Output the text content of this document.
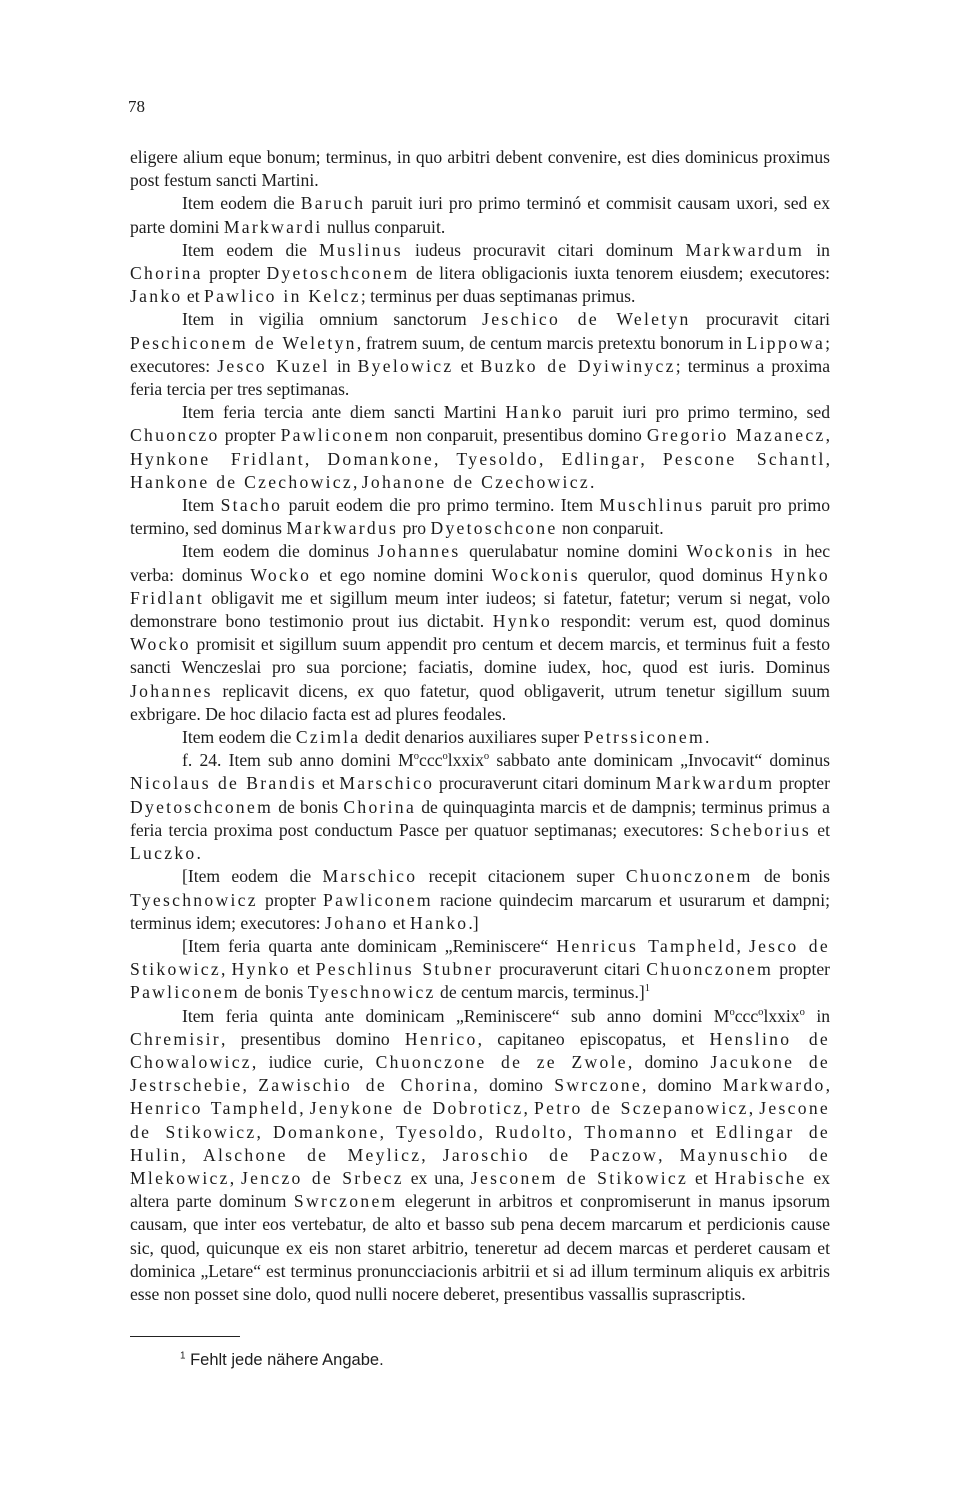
78

eligere alium eque bonum; terminus, in quo arbitri debent convenire, est dies dominicus proximus post festum sancti Martini.

Item eodem die Baruch paruit iuri pro primo terminó et commisit causam uxori, sed ex parte domini Markwardi nullus conparuit.

Item eodem die Muslinus iudeus procuravit citari dominum Markwardum in Chorina propter Dyetoschconem de litera obligacionis iuxta tenorem eiusdem; executores: Janko et Pawlico in Kelcz; terminus per duas septimanas primus.

Item in vigilia omnium sanctorum Jeschico de Weletyn procuravit citari Peschiconem de Weletyn, fratrem suum, de centum marcis pretextu bonorum in Lippowa; executores: Jesco Kuzel in Byelowicz et Buzko de Dyiwinycz; terminus a proxima feria tercia per tres septimanas.

Item feria tercia ante diem sancti Martini Hanko paruit iuri pro primo termino, sed Chuonczo propter Pawliconem non conparuit, presentibus domino Gregorio Mazanecz, Hynkone Fridlant, Domankone, Tyesoldo, Edlingar, Pescone Schantl, Hankone de Czechowicz, Johanone de Czechowicz.

Item Stacho paruit eodem die pro primo termino. Item Muschlinus paruit pro primo termino, sed dominus Markwardus pro Dyetoschcone non conparuit.

Item eodem die dominus Johannes querulabatur nomine domini Wockonis in hec verba: dominus Wocko et ego nomine domini Wockonis querulor, quod dominus Hynko Fridlant obligavit me et sigillum meum inter iudeos; si fatetur, fatetur; verum si negat, volo demonstrare bono testimonio prout ius dictabit. Hynko respondit: verum est, quod dominus Wocko promisit et sigillum suum appendit pro centum et decem marcis, et terminus fuit a festo sancti Wenczeslai pro sua porcione; faciatis, domine iudex, hoc, quod est iuris. Dominus Johannes replicavit dicens, ex quo fatetur, quod obligaverit, utrum tenetur sigillum suum exbrigare. De hoc dilacio facta est ad plures feodales.

Item eodem die Czimla dedit denarios auxiliares super Petrssiconem.

f. 24. Item sub anno domini $M^occc^olxxix^o$ sabbato ante dominicam „Invocavit“ dominus Nicolaus de Brandis et Marschico procuraverunt citari dominum Markwardum propter Dyetoschconem de bonis Chorina de quinquaginta marcis et de dampnis; terminus primus a feria tercia proxima post conductum Pasce per quatuor septimanas; executores: Scheborius et Luczko.

[Item eodem die Marschico recepit citacionem super Chuonczonem de bonis Tyeschnowicz propter Pawliconem racione quindecim marcarum et usurarum et dampni; terminus idem; executores: Johano et Hanko.]

[Item feria quarta ante dominicam „Reminiscere“ Henricus Tampheld, Jesco de Stikowicz, Hynko et Peschlinus Stubner procuraverunt citari Chuonczonem propter Pawliconem de bonis Tyeschnowicz de centum marcis, terminus.]$^1$

Item feria quinta ante dominicam „Reminiscere“ sub anno domini $M^occc^olxxix^o$ in Chremisir, presentibus domino Henrico, capitaneo episcopatus, et Henslino de Chowalowicz, iudice curie, Chuonczone de ze Zwole, domino Jacukone de Jestrschebie, Zawischio de Chorina, domino Swrczone, domino Markwardo, Henrico Tampheld, Jenykone de Dobroticz, Petro de Sczepanowicz, Jescone de Stikowicz, Domankone, Tyesoldo, Rudolto, Thomanno et Edlingar de Hulin, Alschone de Meylicz, Jaroschio de Paczow, Maynuschio de Mlekowicz, Jenczo de Srbecz ex una, Jesconem de Stikowicz et Hrabische ex altera parte dominum Swrczonem elegerunt in arbitros et conpromiserunt in manus ipsorum causam, que inter eos vertebatur, de alto et basso sub pena decem marcarum et perdicionis cause sic, quod, quicunque ex eis non staret arbitrio, teneretur ad decem marcas et perderet causam et dominica „Letare“ est terminus pronuncciacionis arbitrii et si ad illum terminum aliquis ex arbitris esse non posset sine dolo, quod nulli nocere deberet, presentibus vassallis suprascriptis.

$^1$ Fehlt jede nähere Angabe.
